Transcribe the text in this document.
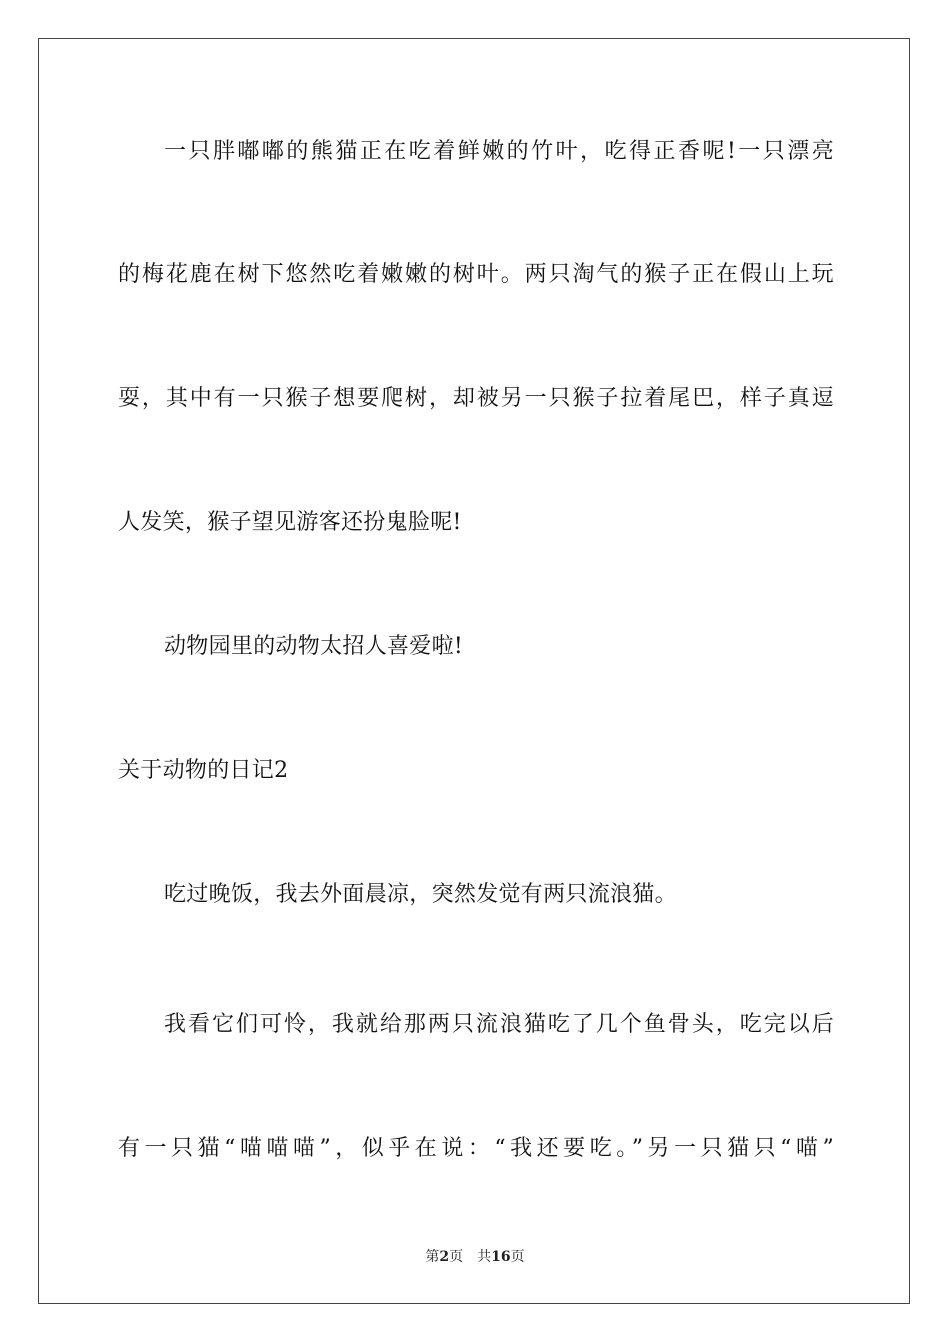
一只胖嘟嘟的熊猫正在吃着鲜嫩的竹叶，吃得正香呢!一只漂亮
的梅花鹿在树下悠然吃着嫩嫩的树叶。两只淘气的猴子正在假山上玩
耍，其中有一只猴子想要爬树，却被另一只猴子拉着尾巴，样子真逗
人发笑，猴子望见游客还扮鬼脸呢!
动物园里的动物太招人喜爱啦!
关于动物的日记2
吃过晚饭，我去外面晨凉，突然发觉有两只流浪猫。
我看它们可怜，我就给那两只流浪猫吃了几个鱼骨头，吃完以后
有一只猫“喵喵喵”，似乎在说：“我还要吃。”另一只猫只“喵”
第2页 共16页
